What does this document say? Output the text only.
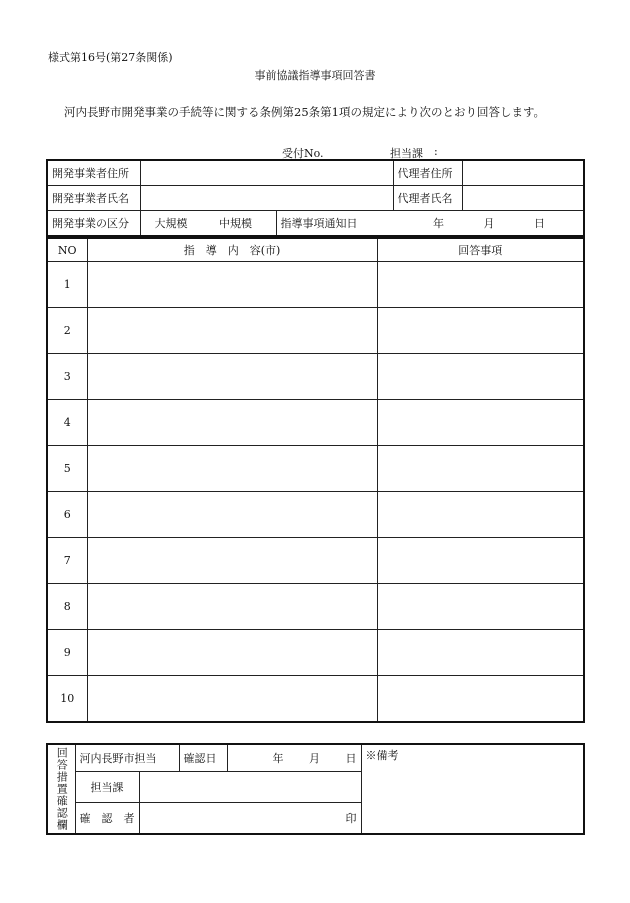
様式第16号(第27条関係)
事前協議指導事項回答書
河内長野市開発事業の手続等に関する条例第25条第1項の規定により次のとおり回答します。
受付No.	担当課 :
開発事業者住所			代理者住所

開発事業者氏名			代理者氏名

開発事業の区分	大規模 中規模	指導事項通知日 年 月 日	
NO	指　導　内　容(市)	回答事項
1		
2		
3		
4		
5		
6		
7		
8		
9		
10		
回答措置確認欄	河内長野市担当		確認日	年 月 日	※備考
	担当課				
	確　認　者	印			
